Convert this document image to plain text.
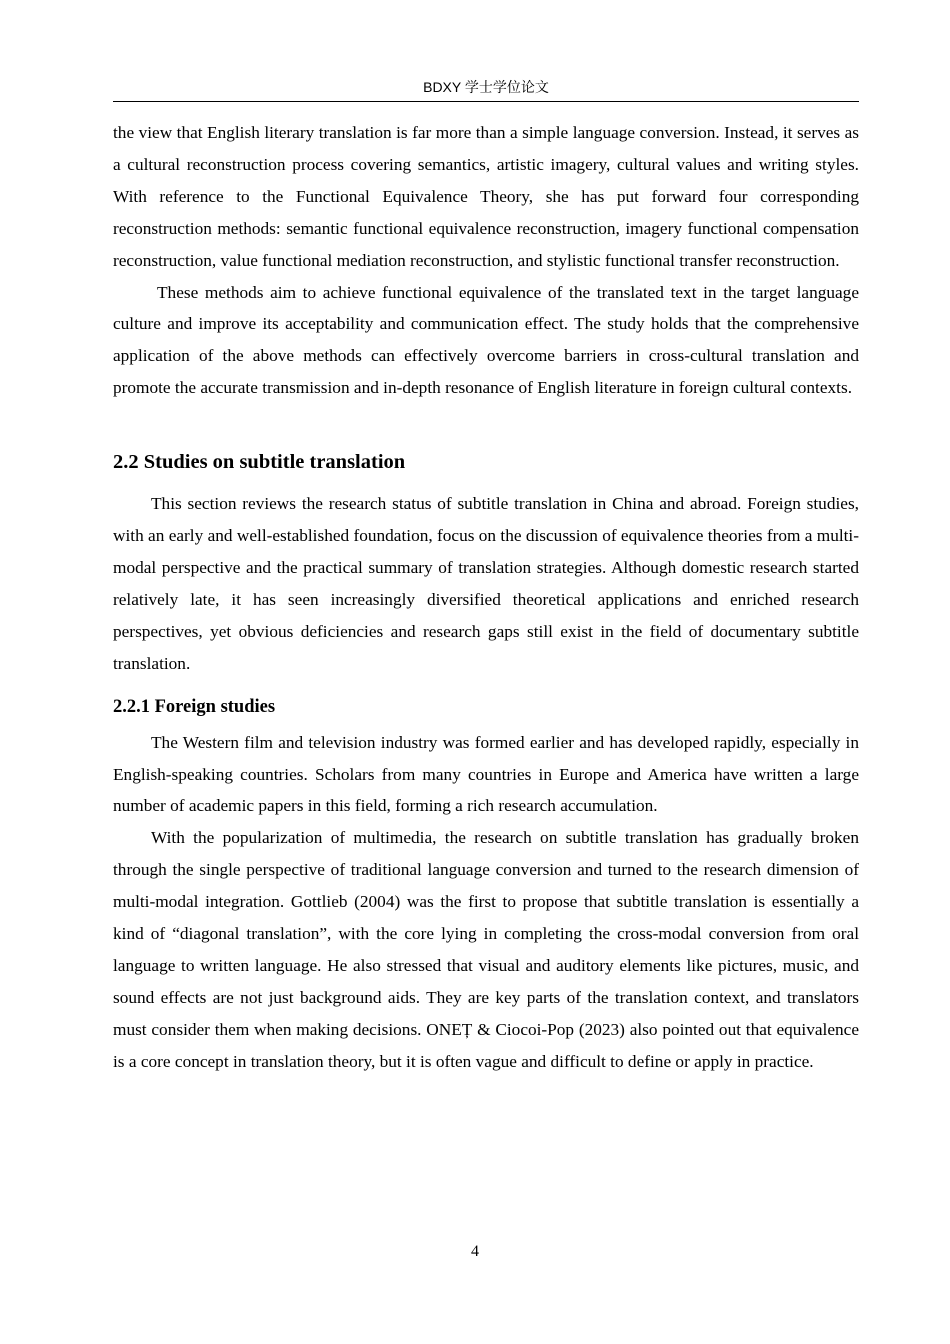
BDXY 学士学位论文

the view that English literary translation is far more than a simple language conversion. Instead, it serves as a cultural reconstruction process covering semantics, artistic imagery, cultural values and writing styles. With reference to the Functional Equivalence Theory, she has put forward four corresponding reconstruction methods: semantic functional equivalence reconstruction, imagery functional compensation reconstruction, value functional mediation reconstruction, and stylistic functional transfer reconstruction.

These methods aim to achieve functional equivalence of the translated text in the target language culture and improve its acceptability and communication effect. The study holds that the comprehensive application of the above methods can effectively overcome barriers in cross-cultural translation and promote the accurate transmission and in-depth resonance of English literature in foreign cultural contexts.

2.2 Studies on subtitle translation

This section reviews the research status of subtitle translation in China and abroad. Foreign studies, with an early and well-established foundation, focus on the discussion of equivalence theories from a multi-modal perspective and the practical summary of translation strategies. Although domestic research started relatively late, it has seen increasingly diversified theoretical applications and enriched research perspectives, yet obvious deficiencies and research gaps still exist in the field of documentary subtitle translation.

2.2.1 Foreign studies

The Western film and television industry was formed earlier and has developed rapidly, especially in English-speaking countries. Scholars from many countries in Europe and America have written a large number of academic papers in this field, forming a rich research accumulation.

With the popularization of multimedia, the research on subtitle translation has gradually broken through the single perspective of traditional language conversion and turned to the research dimension of multi-modal integration. Gottlieb (2004) was the first to propose that subtitle translation is essentially a kind of “diagonal translation”, with the core lying in completing the cross-modal conversion from oral language to written language. He also stressed that visual and auditory elements like pictures, music, and sound effects are not just background aids. They are key parts of the translation context, and translators must consider them when making decisions. ONEȚ & Ciocoi-Pop (2023) also pointed out that equivalence is a core concept in translation theory, but it is often vague and difficult to define or apply in practice.

4
